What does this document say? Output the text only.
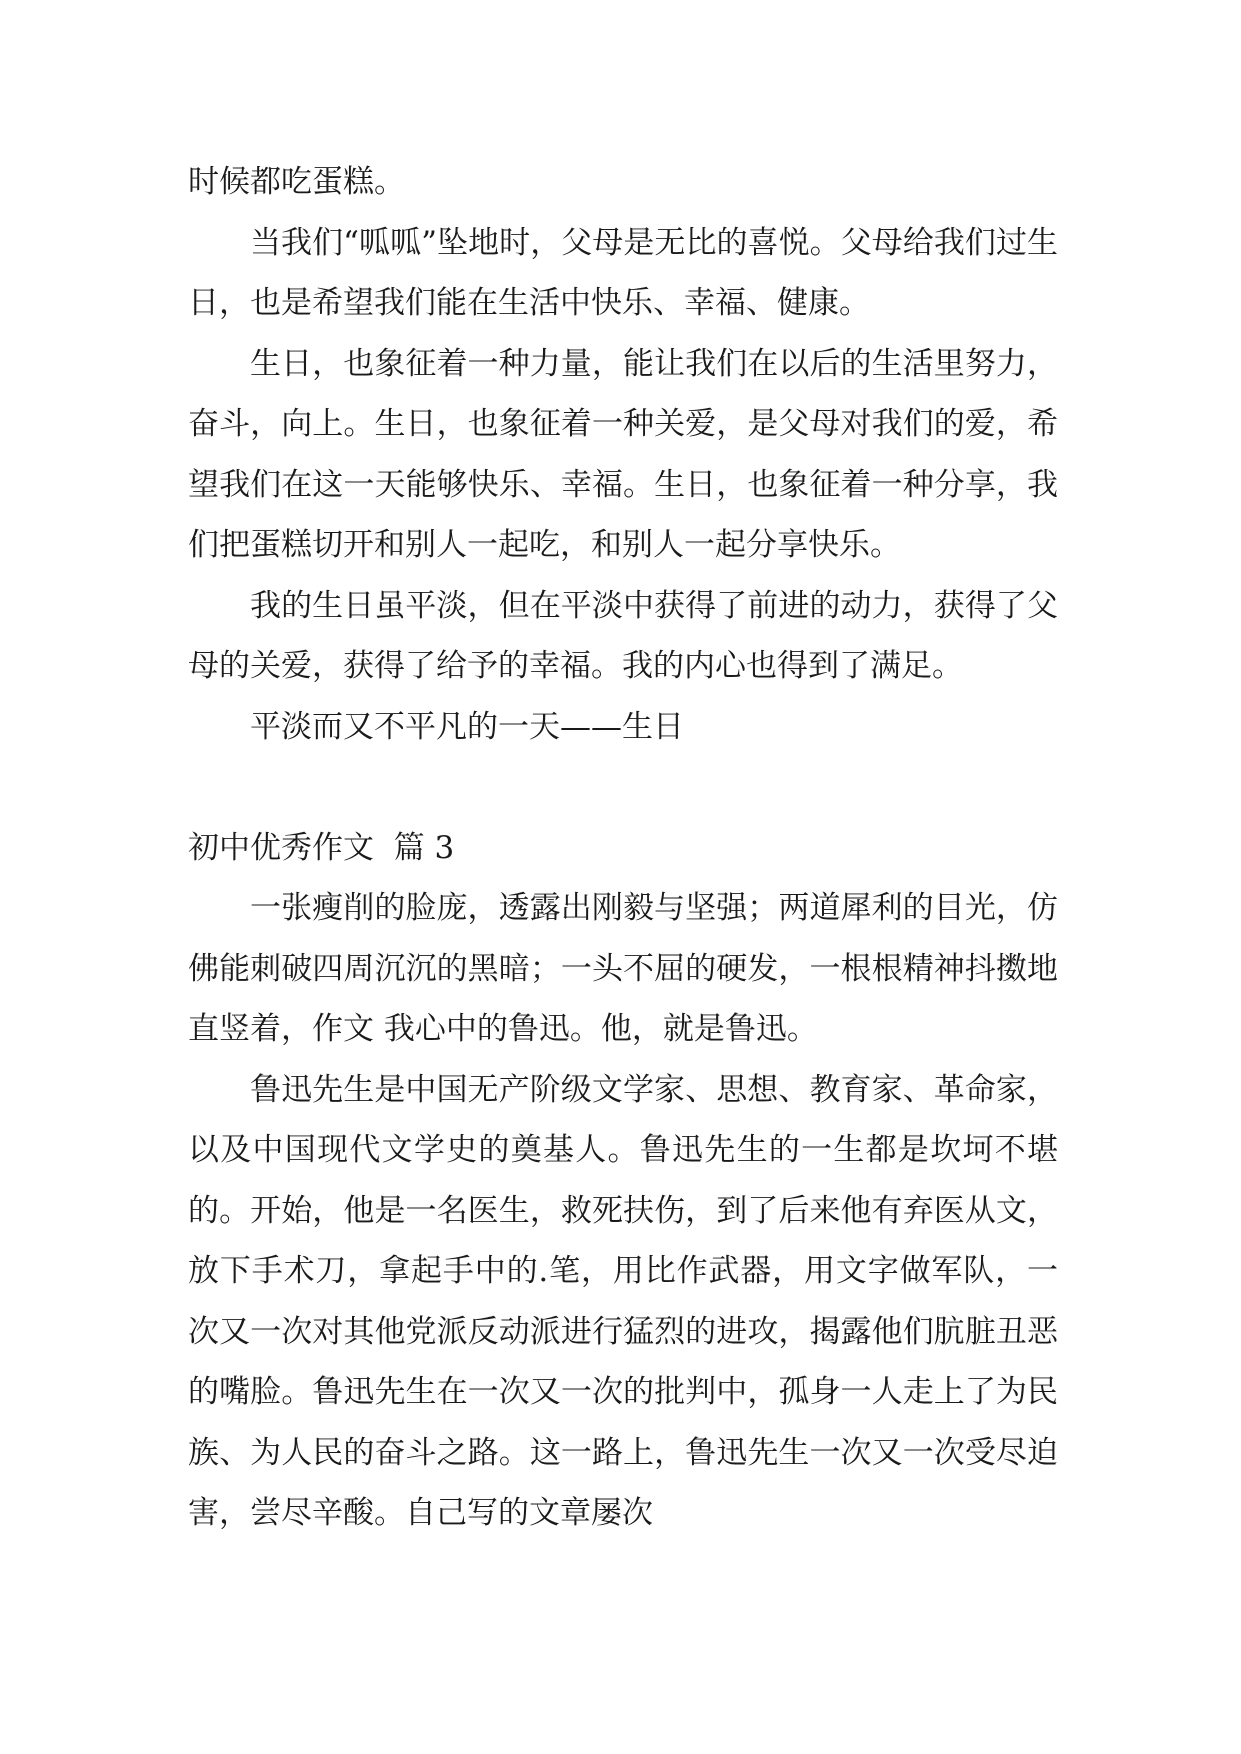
时候都吃蛋糕。

当我们“呱呱”坠地时，父母是无比的喜悦。父母给我们过生日，也是希望我们能在生活中快乐、幸福、健康。

生日，也象征着一种力量，能让我们在以后的生活里努力，奋斗，向上。生日，也象征着一种关爱，是父母对我们的爱，希望我们在这一天能够快乐、幸福。生日，也象征着一种分享，我们把蛋糕切开和别人一起吃，和别人一起分享快乐。

我的生日虽平淡，但在平淡中获得了前进的动力，获得了父母的关爱，获得了给予的幸福。我的内心也得到了满足。

平淡而又不平凡的一天——生日

初中优秀作文  篇 3

一张瘦削的脸庞，透露出刚毅与坚强；两道犀利的目光，仿佛能刺破四周沉沉的黑暗；一头不屈的硬发，一根根精神抖擞地直竖着，作文 我心中的鲁迅。他，就是鲁迅。

鲁迅先生是中国无产阶级文学家、思想、教育家、革命家，以及中国现代文学史的奠基人。鲁迅先生的一生都是坎坷不堪的。开始，他是一名医生，救死扶伤，到了后来他有弃医从文，放下手术刀，拿起手中的.笔，用比作武器，用文字做军队，一次又一次对其他党派反动派进行猛烈的进攻，揭露他们肮脏丑恶的嘴脸。鲁迅先生在一次又一次的批判中，孤身一人走上了为民族、为人民的奋斗之路。这一路上，鲁迅先生一次又一次受尽迫害，尝尽辛酸。自己写的文章屡次
